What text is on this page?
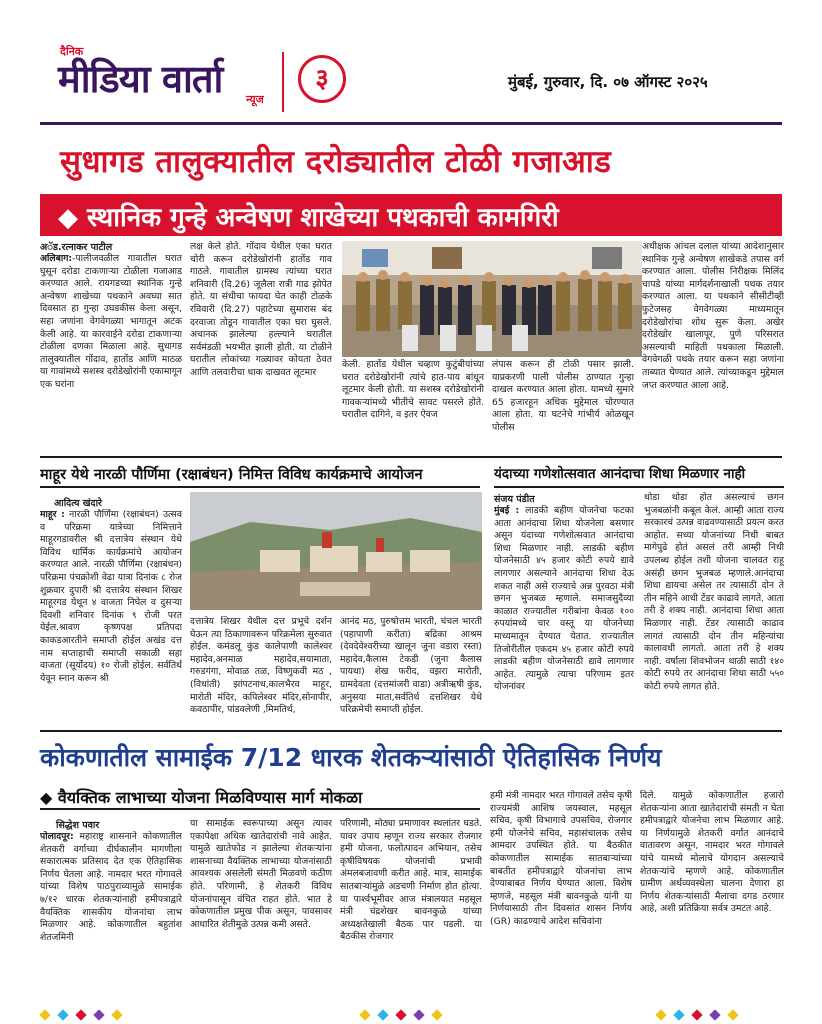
दैनिक
मीडिया वार्ता न्यूज
३	मुंबई, गुरुवार, दि. ०७ ऑगस्ट २०२५
सुधागड तालुक्यातील दरोड्यातील टोळी गजाआड
◆ स्थानिक गुन्हे अन्वेषण शाखेच्या पथकाची कामगिरी
अॅड.रत्नाकर पाटील
अलिबाग:-पालीजवळील गावातील घरात घुसून दरोडा टाकणाऱ्या टोळीला गजाआड करण्यात आले. रायगडच्या स्थानिक गुन्हे अन्वेषण शाखेच्या पथकाने अवघ्या सात दिवसात हा गुन्हा उघडकीस केला असून, सहा जणांना वेगवेगळ्या भागातून अटक केली आहे. या कारवाईने दरोडा टाकणाऱ्या टोळीला दणका मिळाला आहे. सुधागड तालुक्यातील गोंदाव, हातोंड आणि माठळ या गावांमध्ये सशस्त्र दरोडेखोरांनी एकामागून एक घरांना
लक्ष केले होते. गोंदाव येथील एका घरात चोरी करून दरोडेखोरांनी हातोंड गाव गाठले. गावातील ग्रामस्थ त्यांच्या घरात शनिवारी (दि.26) जूलैला रात्री गाढ झोपेत होते. या संधीचा फायदा घेत काही टोळके रविवारी (दि.27) पहाटेच्या सुमारास बंद दरवाजा तोडून गावातील एका घरा घुसले. अचानक झालेल्या हल्ल्याने घरातील सर्वमंडळी भयभीत झाली होती. या टोळीने घरातील लोकांच्या गळ्यावर कोयता ठेवत आणि तलवारीचा धाक दाखवत लूटमार
केली. हातोंड येथील चव्हाण कुटुंबीयांच्या घरात दरोडेखोरांनी त्यांचे हात-पाय बांधून लूटमार केली होती. या सशस्त्र दरोडेखोरांनी गावकऱ्यांमध्ये भीतीचे सावट पसरले होते. घरातील दागिने, व इतर ऐवज
लंपास करून ही टोळी पसार झाली. याप्रकरणी पाली पोलीस ठाण्यात गुन्हा दाखल करण्यात आला होता. यामध्ये सुमारे 65 हजारहून अधिक मुद्देमाल चोरण्यात आला होता. या घटनेचे गांभीर्य ओळखून पोलीस
अधीक्षक आंचल दलाल यांच्या आदेशानुसार स्थानिक गुन्हे अन्वेषण शाखेकडे तपास वर्ग करण्यात आला. पोलीस निरीक्षक मिलिंद चापडे यांच्या मार्गदर्शनाखाली पथक तयार करण्यात आला. या पथकाने सीसीटीव्ही फुटेजसह वेगवेगळ्या माध्यमातून दरोडेखोरांचा शोध सुरू केला. अखेर दरोडेखोर खालापूर, पुणे परिसरात असल्याची माहिती पथकाला मिळाली. वेगवेगळी पथके तयार करून सहा जणांना ताब्यात घेण्यात आले. त्यांच्याकडून मुद्देमाल जप्त करण्यात आला आहे.
माहूर येथे नारळी पौर्णिमा (रक्षाबंधन) निमित्त विविध कार्यक्रमाचे आयोजन
आदित्य खंदारे
माहूर : नारळी पौर्णिमा (रक्षाबंधन) उत्सव व परिक्रमा यात्रेच्या निमित्ताने माहूरगडावरील श्री दत्तात्रेय संस्थान येथे विविध धार्मिक कार्यक्रमांचे आयोजन करण्यात आले. नारळी पौर्णिमा (रक्षाबंधन) परिक्रमा पंचक्रोशी वेढा यात्रा दिनांक ८ रोज शुक्रवार दुपारी श्री दत्तात्रेय संस्थान शिखर माहूरगड येथून ४ वाजता निघेल व दुसऱ्या दिवशी शनिवार दिनांक ९ रोजी परत येईल.श्रावण कृष्णपक्ष प्रतिपदा काकडआरतीने समाप्ती होईल अखंड दत्त नाम सप्ताहाची समाप्ती सकाळी सहा वाजता (सूर्योदय) १० रोजी होईल. सर्वतिर्थ येवून स्नान करून श्री
दत्तात्रेय शिखर येथील दत्त प्रभूचे दर्शन घेऊन त्या ठिकाणावरून परिक्रमेला सुरुवात होईल. कमंडलू कुंड कालेपाणी कालेश्वर महादेव,अनमाळ महादेव,सयामाता, गरुडगंगा, मोवाळ तळ, विष्णुकवी मठ ,(विधांती) झांपटनाथ,कालभैरव माहूर, मारोती मंदिर, कपिलेश्वर मंदिर,सोनापीर, कवठापीर, पांडवलेणी ,मिमतिर्थ,
आनंद मठ, पुरुषोत्तम भारती, चंचल भारती (पहापाणी करीता) बद्रिका आश्रम (देवदेवेश्वरीच्या खालून जुना वडारा रस्ता) महादेव,कैलास टेकडी (जुना कैलास पायथा) शेख फरीद, वझरा मारोती, ग्रामदेवता (दत्तमांजरी वाडा) अत्रीऋषी कुंड, अनुसया माता,सर्वतिर्थ दत्तशिखर येथे परिक्रमेची समाप्ती होईल.
यंदाच्या गणेशोत्सवात आनंदाचा शिधा मिळणार नाही
संजय पंडीत
मुंबई : लाडकी बहीण योजनेचा फटका आता आनंदाचा शिधा योजनेला बसणार असून यंदाच्या गणेशोत्सवात आनंदाचा शिधा मिळणार नाही. लाडकी बहीण योजनेसाठी ४५ हजार कोटी रुपये द्यावे लागणार असल्याने आनंदाचा शिधा देऊ शकत नाही असे राज्याचे अन्न पुरवठा मंत्री छगन भुजबळ म्हणाले. समाजसुदैव्या काळात राज्यातील गरीबांना केवळ १०० रुपयांमध्ये चार वस्तू या योजनेच्या माध्यमातून देण्यात येतात. राज्यातील तिजोरीतील एकदम ४५ हजार कोटी रुपये लाडकी बहीण योजनेसाठी द्यावे लागणार आहेत. त्यामुळे त्याचा परिणाम इतर योजनांवर
थोडा थोडा होत असल्याचं छगन भुजबळांनी कबूल केलं. आम्ही आता राज्य सरकारचं उत्पन्न वाढवण्यासाठी प्रयत्न करत आहोत. सध्या योजनांच्या निधी बाबत मागेपुढे होतं असलं तरी आम्ही निधी उपलब्ध होईल तशी योजना चालवत राहू असंही छगन भुजबळ म्हणाले.आनंदाचा शिधा द्यायचा असेल तर त्यासाठी दोन ते तीन महिने आधी टेंडर काढावे लागते. आता तरी हे शक्य नाही. आनंदाचा शिधा आता मिळणार नाही. टेंडर त्यासाठी काढाव लागतं त्यासाठी दोन तीन महिन्यांचा कालावधी लागतो. आता तरी हे शक्य नाही. वर्षाला शिवभोजन थाळी साठी १४० कोटी रुपये तर आनंदाचा शिधा साठी ५५० कोटी रुपये लागत होते.
कोकणातील सामाईक 7/12 धारक शेतकऱ्यांसाठी ऐतिहासिक निर्णय
◆ वैयक्तिक लाभाच्या योजना मिळविण्यास मार्ग मोकळा
सिद्धेश पवार
पोलादपूर: महाराष्ट्र शासनाने कोकणातील शेतकरी वर्गाच्या दीर्घकालीन मागणीला सकारात्मक प्रतिसाद देत एक ऐतिहासिक निर्णय घेतला आहे. नामदार भरत गोगावले यांच्या विशेष पाठपुराव्यामुळे सामाईक ७/१२ धारक शेतकऱ्यांनाही हमीपत्राद्वारे वैयक्तिक शासकीय योजनांचा लाभ मिळणार आहे. कोकणातील बहुतांश शेतजमिनी
या सामाईक स्वरूपाच्या असून त्यावर एकापेक्षा अधिक खातेदारांची नावे आहेत. यामुळे खातेफोड न झालेल्या शेतकऱ्यांना शासनाच्या वैयक्तिक लाभाच्या योजनांसाठी आवश्यक असलेली संमती मिळवणे कठीण होते. परिणामी, हे शेतकरी विविध योजनांपासून वंचित राहत होते. भात हे कोकणातील प्रमुख पीक असून, पावसावर आधारित शेतीमुळे उत्पन्न कमी असते.
परिणामी, मोठ्या प्रमाणावर स्थलांतर घडते. यावर उपाय म्हणून राज्य सरकार रोजगार हमी योजना, फलोत्पादन अभियान, तसेच कृषीविषयक योजनांची प्रभावी अंमलबजावणी करीत आहे. मात्र, सामाईक सातबाऱ्यांमुळे अडचणी निर्माण होत होत्या. या पार्श्वभूमीवर आज मंत्रालयात महसूल मंत्री चंद्रशेखर बावनकुळे यांच्या अध्यक्षतेखाली बैठक पार पडली. या बैठकीस रोजगार
हमी मंत्री नामदार भरत गोगावले तसेच कृषी राज्यमंत्री आशिष जयस्वाल, महसूल सचिव, कृषी विभागाचे उपसचिव, रोजगार हमी योजनेचे सचिव, महासंचालक तसेच आमदार उपस्थित होते. या बैठकीत कोकणातील सामाईक सातबाऱ्यांच्या बाबतीत हमीपत्राद्वारे योजनांचा लाभ देण्याबाबत निर्णय घेण्यात आला. विशेष म्हणजे, महसूल मंत्री बावनकुळे यांनी या निर्णयासाठी तीन दिवसांत शासन निर्णय (GR) काढण्याचे आदेश सचिवांना
दिले. यामुळे कोकणातील हजारो शेतकऱ्यांना आता खातेदारांची संमती न घेता हमीपत्राद्वारे योजनेचा लाभ मिळणार आहे. या निर्णयामुळे शेतकरी वर्गात आनंदाचे वातावरण असून, नामदार भरत गोगावले यांचे यामध्ये मोलाचे योगदान असल्याचे शेतकऱ्यांचे म्हणणे आहे. कोकणातील ग्रामीण अर्थव्यवस्थेला चालना देणारा हा निर्णय शेतकऱ्यांसाठी मैलाचा दगड ठरणार आहे, अशी प्रतिक्रिया सर्वत्र उमटत आहे.
